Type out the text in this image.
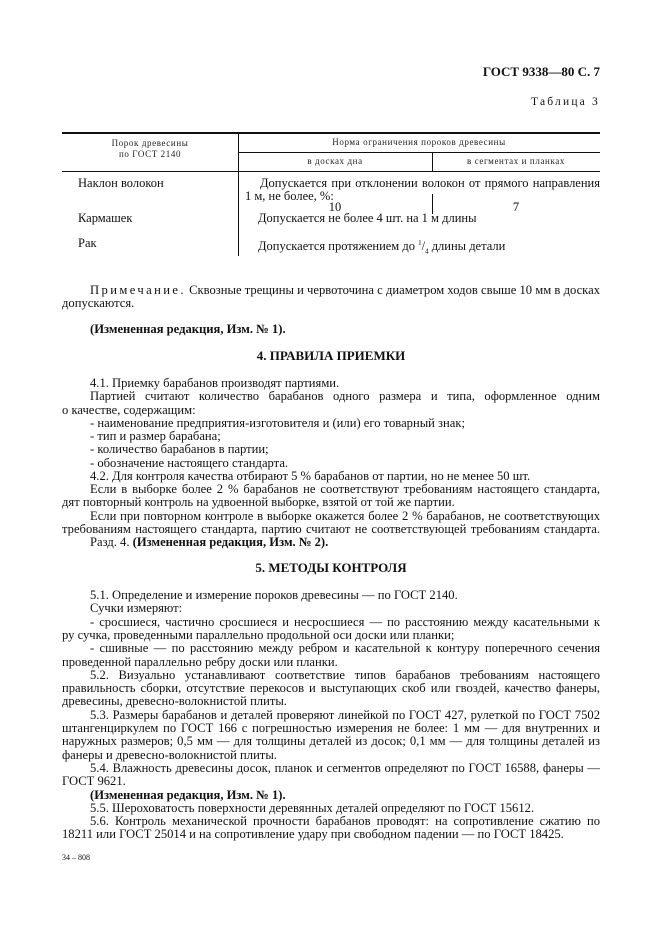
ГОСТ 9338—80 С. 7
Таблица 3
Порок древесины
по ГОСТ 2140
Норма ограничения пороков древесины
в досках дна	в сегментах и планках
Наклон волокон	Допускается при отклонении волокон от прямого направления
1 м, не более, %:
10	7
Кармашек	Допускается не более 4 шт. на 1 м длины
Рак	Допускается протяжением до $^1/_4$ длины детали
Примечание. Сквозные трещины и червоточина с диаметром ходов свыше 10 мм в досках
допускаются.
(Измененная редакция, Изм. № 1).
4. ПРАВИЛА ПРИЕМКИ
4.1. Приемку барабанов производят партиями.
Партией считают количество барабанов одного размера и типа, оформленное одним
о качестве, содержащим:
- наименование предприятия-изготовителя и (или) его товарный знак;
- тип и размер барабана;
- количество барабанов в партии;
- обозначение настоящего стандарта.
4.2. Для контроля качества отбирают 5 % барабанов от партии, но не менее 50 шт.
Если в выборке более 2 % барабанов не соответствуют требованиям настоящего стандарта,
дят повторный контроль на удвоенной выборке, взятой от той же партии.
Если при повторном контроле в выборке окажется более 2 % барабанов, не соответствующих
требованиям настоящего стандарта, партию считают не соответствующей требованиям стандарта.
Разд. 4. (Измененная редакция, Изм. № 2).
5. МЕТОДЫ КОНТРОЛЯ
5.1. Определение и измерение пороков древесины — по ГОСТ 2140.
Сучки измеряют:
- сросшиеся, частично сросшиеся и несросшиеся — по расстоянию между касательными к
ру сучка, проведенными параллельно продольной оси доски или планки;
- сшивные — по расстоянию между ребром и касательной к контуру поперечного сечения
проведенной параллельно ребру доски или планки.
5.2. Визуально устанавливают соответствие типов барабанов требованиям настоящего
правильность сборки, отсутствие перекосов и выступающих скоб или гвоздей, качество фанеры,
древесины, древесно-волокнистой плиты.
5.3. Размеры барабанов и деталей проверяют линейкой по ГОСТ 427, рулеткой по ГОСТ 7502
штангенциркулем по ГОСТ 166 с погрешностью измерения не более: 1 мм — для внутренних и
наружных размеров; 0,5 мм — для толщины деталей из досок; 0,1 мм — для толщины деталей из
фанеры и древесно-волокнистой плиты.
5.4. Влажность древесины досок, планок и сегментов определяют по ГОСТ 16588, фанеры —
ГОСТ 9621.
(Измененная редакция, Изм. № 1).
5.5. Шероховатость поверхности деревянных деталей определяют по ГОСТ 15612.
5.6. Контроль механической прочности барабанов проводят: на сопротивление сжатию по
18211 или ГОСТ 25014 и на сопротивление удару при свободном падении — по ГОСТ 18425.
34 – 808
